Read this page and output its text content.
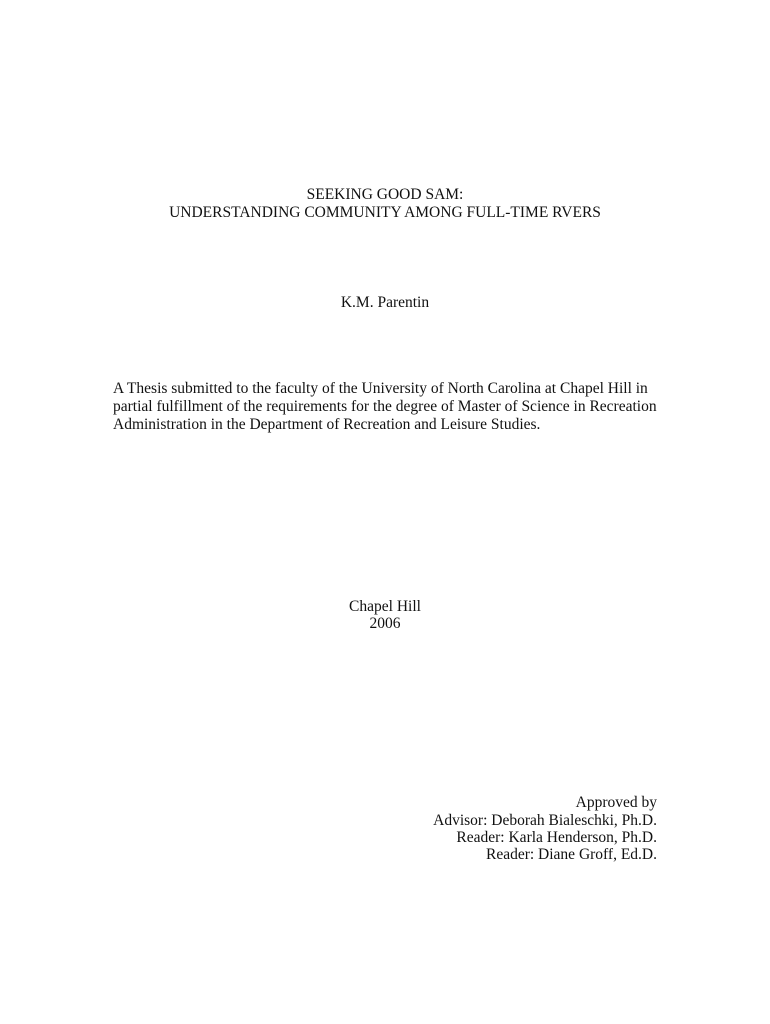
SEEKING GOOD SAM:
UNDERSTANDING COMMUNITY AMONG FULL-TIME RVERS
K.M. Parentin
A Thesis submitted to the faculty of the University of North Carolina at Chapel Hill in
partial fulfillment of the requirements for the degree of Master of Science in Recreation
Administration in the Department of Recreation and Leisure Studies.
Chapel Hill
2006
Approved by
Advisor: Deborah Bialeschki, Ph.D.
Reader: Karla Henderson, Ph.D.
Reader: Diane Groff, Ed.D.
